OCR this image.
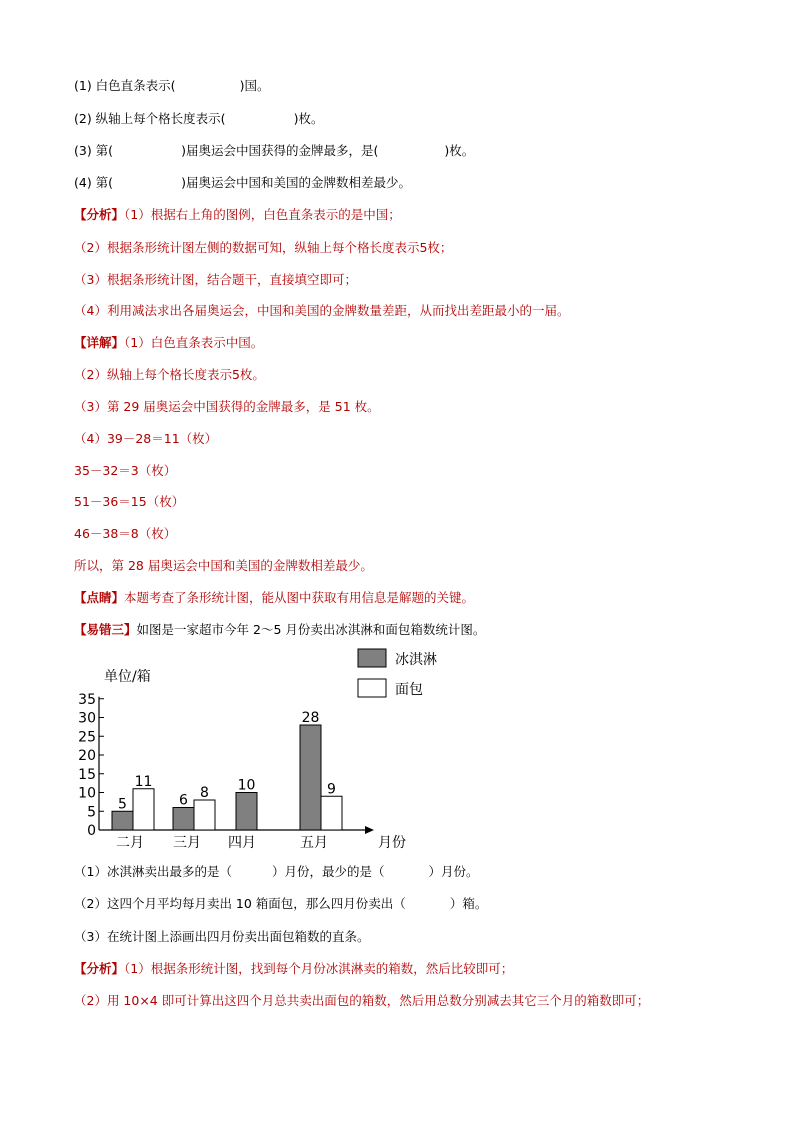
(1) 白色直条表示(	)国。
(2) 纵轴上每个格长度表示(	)枚。
(3) 第(	)届奥运会中国获得的金牌最多，是(	)枚。
(4) 第(	)届奥运会中国和美国的金牌数相差最少。
【分析】（1）根据右上角的图例，白色直条表示的是中国；
（2）根据条形统计图左侧的数据可知，纵轴上每个格长度表示5枚；
（3）根据条形统计图，结合题干，直接填空即可；
（4）利用减法求出各届奥运会，中国和美国的金牌数量差距，从而找出差距最小的一届。
【详解】（1）白色直条表示中国。
（2）纵轴上每个格长度表示5枚。
（3）第 29 届奥运会中国获得的金牌最多，是 51 枚。
（4）39－28＝11（枚）
35－32＝3（枚）
51－36＝15（枚）
46－38＝8（枚）
所以，第 28 届奥运会中国和美国的金牌数相差最少。
【点睛】本题考查了条形统计图，能从图中获取有用信息是解题的关键。
【易错三】如图是一家超市今年 2～5 月份卖出冰淇淋和面包箱数统计图。
单位/箱
月份
冰淇淋
面包
0
5
10
15
20
25
30
35
5
11
二月
6 8
三月
10
四月
28
9
五月
（1）冰淇淋卖出最多的是（	）月份，最少的是（	）月份。
（2）这四个月平均每月卖出 10 箱面包，那么四月份卖出（	）箱。
（3）在统计图上添画出四月份卖出面包箱数的直条。
【分析】（1）根据条形统计图，找到每个月份冰淇淋卖的箱数，然后比较即可；
（2）用 10×4 即可计算出这四个月总共卖出面包的箱数，然后用总数分别减去其它三个月的箱数即可；
